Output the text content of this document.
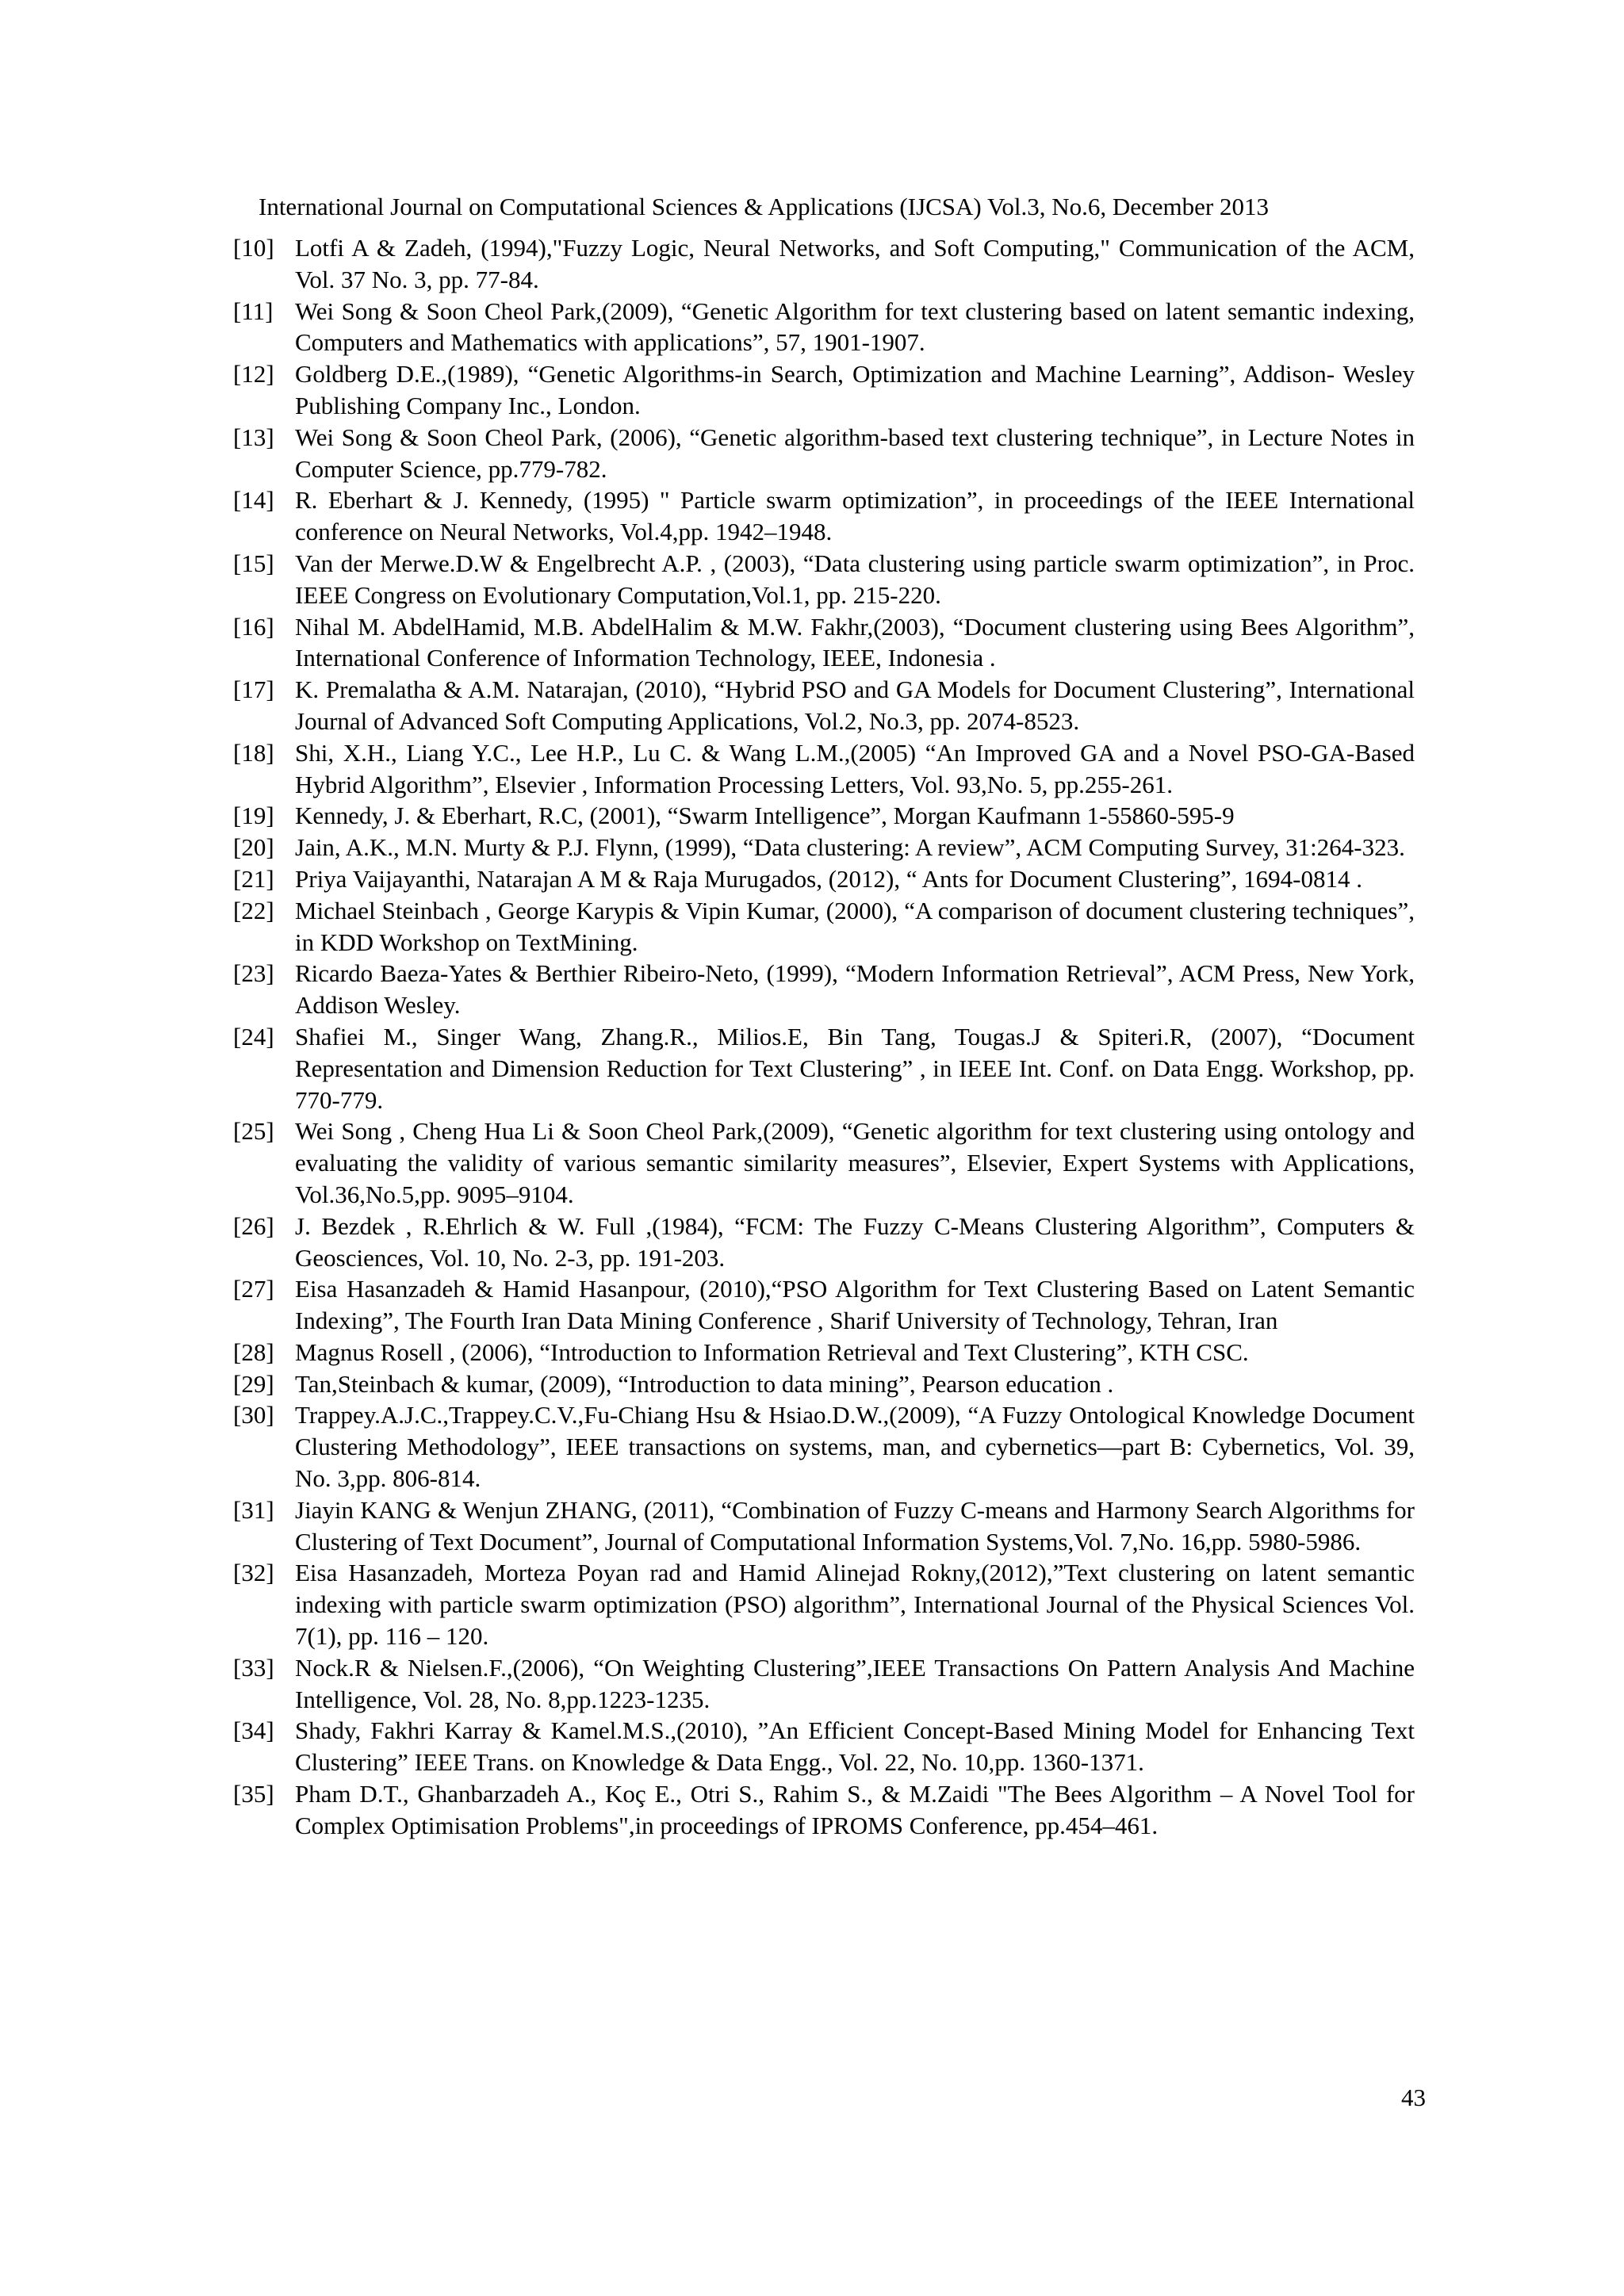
International Journal on Computational Sciences & Applications (IJCSA) Vol.3, No.6, December 2013
[10] Lotfi A & Zadeh, (1994),"Fuzzy Logic, Neural Networks, and Soft Computing," Communication of the ACM, Vol. 37 No. 3, pp. 77-84.
[11] Wei Song & Soon Cheol Park,(2009), “Genetic Algorithm for text clustering based on latent semantic indexing, Computers and Mathematics with applications”, 57, 1901-1907.
[12] Goldberg D.E.,(1989), “Genetic Algorithms-in Search, Optimization and Machine Learning”, Addison- Wesley Publishing Company Inc., London.
[13] Wei Song & Soon Cheol Park, (2006), “Genetic algorithm-based text clustering technique”, in Lecture Notes in Computer Science, pp.779-782.
[14] R. Eberhart & J. Kennedy, (1995) " Particle swarm optimization”, in proceedings of the IEEE International conference on Neural Networks, Vol.4,pp. 1942–1948.
[15] Van der Merwe.D.W & Engelbrecht A.P. , (2003), “Data clustering using particle swarm optimization”, in Proc. IEEE Congress on Evolutionary Computation,Vol.1, pp. 215-220.
[16] Nihal M. AbdelHamid, M.B. AbdelHalim & M.W. Fakhr,(2003), “Document clustering using Bees Algorithm”, International Conference of Information Technology, IEEE, Indonesia .
[17] K. Premalatha & A.M. Natarajan, (2010), “Hybrid PSO and GA Models for Document Clustering”, International Journal of Advanced Soft Computing Applications, Vol.2, No.3, pp. 2074-8523.
[18] Shi, X.H., Liang Y.C., Lee H.P., Lu C. & Wang L.M.,(2005) “An Improved GA and a Novel PSO-GA-Based Hybrid Algorithm”, Elsevier , Information Processing Letters, Vol. 93,No. 5, pp.255-261.
[19] Kennedy, J. & Eberhart, R.C, (2001), “Swarm Intelligence”, Morgan Kaufmann 1-55860-595-9
[20] Jain, A.K., M.N. Murty & P.J. Flynn, (1999), “Data clustering: A review”, ACM Computing Survey, 31:264-323.
[21] Priya Vaijayanthi, Natarajan A M & Raja Murugados, (2012), “ Ants for Document Clustering”, 1694-0814 .
[22] Michael Steinbach , George Karypis & Vipin Kumar, (2000), “A comparison of document clustering techniques”, in KDD Workshop on TextMining.
[23] Ricardo Baeza-Yates & Berthier Ribeiro-Neto, (1999), “Modern Information Retrieval”, ACM Press, New York, Addison Wesley.
[24] Shafiei M., Singer Wang, Zhang.R., Milios.E, Bin Tang, Tougas.J & Spiteri.R, (2007), “Document Representation and Dimension Reduction for Text Clustering” , in IEEE Int. Conf. on Data Engg. Workshop, pp. 770-779.
[25] Wei Song , Cheng Hua Li & Soon Cheol Park,(2009), “Genetic algorithm for text clustering using ontology and evaluating the validity of various semantic similarity measures”, Elsevier, Expert Systems with Applications, Vol.36,No.5,pp. 9095–9104.
[26] J. Bezdek , R.Ehrlich & W. Full ,(1984), “FCM: The Fuzzy C-Means Clustering Algorithm”, Computers & Geosciences, Vol. 10, No. 2-3, pp. 191-203.
[27] Eisa Hasanzadeh & Hamid Hasanpour, (2010),“PSO Algorithm for Text Clustering Based on Latent Semantic Indexing”, The Fourth Iran Data Mining Conference , Sharif University of Technology, Tehran, Iran
[28] Magnus Rosell , (2006), “Introduction to Information Retrieval and Text Clustering”, KTH CSC.
[29] Tan,Steinbach & kumar, (2009), “Introduction to data mining”, Pearson education .
[30] Trappey.A.J.C.,Trappey.C.V.,Fu-Chiang Hsu & Hsiao.D.W.,(2009), “A Fuzzy Ontological Knowledge Document Clustering Methodology”, IEEE transactions on systems, man, and cybernetics—part B: Cybernetics, Vol. 39, No. 3,pp. 806-814.
[31] Jiayin KANG & Wenjun ZHANG, (2011), “Combination of Fuzzy C-means and Harmony Search Algorithms for Clustering of Text Document”, Journal of Computational Information Systems,Vol. 7,No. 16,pp. 5980-5986.
[32] Eisa Hasanzadeh, Morteza Poyan rad and Hamid Alinejad Rokny,(2012),”Text clustering on latent semantic indexing with particle swarm optimization (PSO) algorithm”, International Journal of the Physical Sciences Vol. 7(1), pp. 116 – 120.
[33] Nock.R & Nielsen.F.,(2006), “On Weighting Clustering”,IEEE Transactions On Pattern Analysis And Machine Intelligence, Vol. 28, No. 8,pp.1223-1235.
[34] Shady, Fakhri Karray & Kamel.M.S.,(2010), ”An Efficient Concept-Based Mining Model for Enhancing Text Clustering” IEEE Trans. on Knowledge & Data Engg., Vol. 22, No. 10,pp. 1360-1371.
[35] Pham D.T., Ghanbarzadeh A., Koç E., Otri S., Rahim S., & M.Zaidi "The Bees Algorithm – A Novel Tool for Complex Optimisation Problems",in proceedings of IPROMS Conference, pp.454–461.
43
